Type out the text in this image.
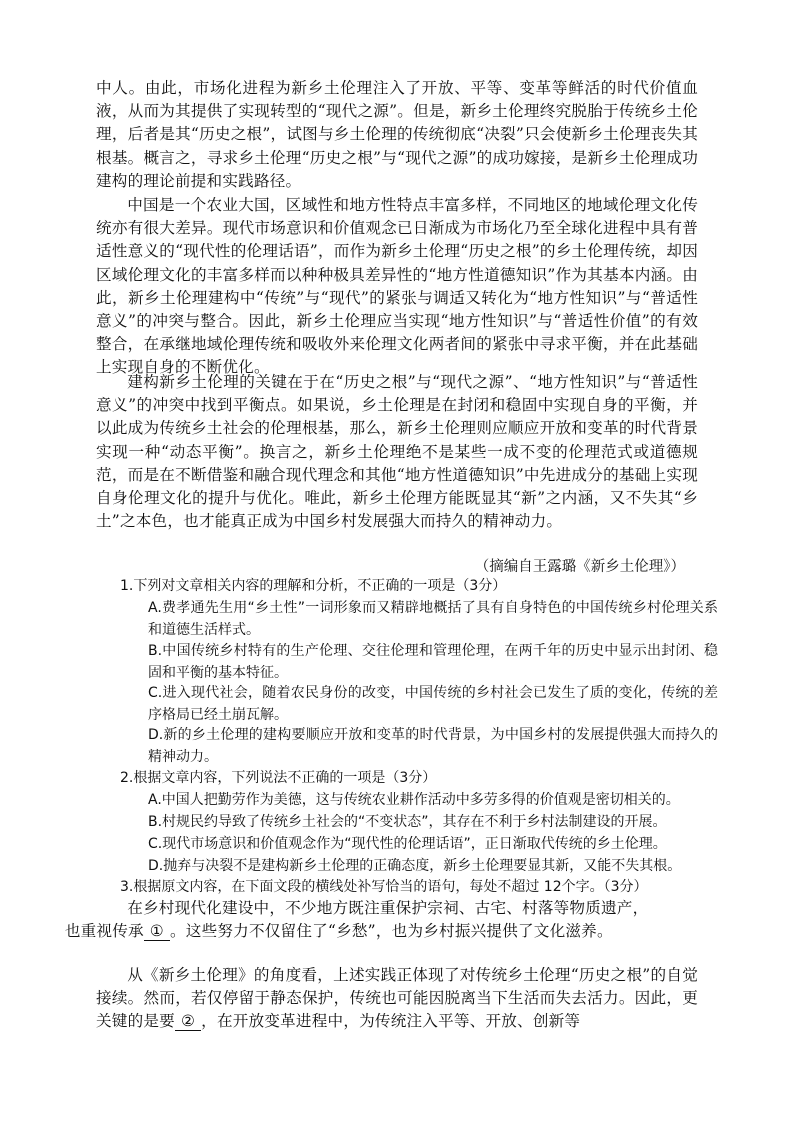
中人。由此，市场化进程为新乡土伦理注入了开放、平等、变革等鲜活的时代价值血液，从而为其提供了实现转型的“现代之源”。但是，新乡土伦理终究脱胎于传统乡土伦理，后者是其“历史之根”，试图与乡土伦理的传统彻底“决裂”只会使新乡土伦理丧失其根基。概言之，寻求乡土伦理“历史之根”与“现代之源”的成功嫁接，是新乡土伦理成功建构的理论前提和实践路径。

中国是一个农业大国，区域性和地方性特点丰富多样，不同地区的地域伦理文化传统亦有很大差异。现代市场意识和价值观念已日渐成为市场化乃至全球化进程中具有普适性意义的“现代性的伦理话语”，而作为新乡土伦理“历史之根”的乡土伦理传统，却因区域伦理文化的丰富多样而以种种极具差异性的“地方性道德知识”作为其基本内涵。由此，新乡土伦理建构中“传统”与“现代”的紧张与调适又转化为“地方性知识”与“普适性意义”的冲突与整合。因此，新乡土伦理应当实现“地方性知识”与“普适性价值”的有效整合，在承继地域伦理传统和吸收外来伦理文化两者间的紧张中寻求平衡，并在此基础上实现自身的不断优化。

建构新乡土伦理的关键在于在“历史之根”与“现代之源”、“地方性知识”与“普适性意义”的冲突中找到平衡点。如果说，乡土伦理是在封闭和稳固中实现自身的平衡，并以此成为传统乡土社会的伦理根基，那么，新乡土伦理则应顺应开放和变革的时代背景实现一种“动态平衡”。换言之，新乡土伦理绝不是某些一成不变的伦理范式或道德规范，而是在不断借鉴和融合现代理念和其他“地方性道德知识”中先进成分的基础上实现自身伦理文化的提升与优化。唯此，新乡土伦理方能既显其“新”之内涵，又不失其“乡土”之本色，也才能真正成为中国乡村发展强大而持久的精神动力。

（摘编自王露璐《新乡土伦理》）

1.下列对文章相关内容的理解和分析，不正确的一项是（3分）

A.费孝通先生用“乡土性”一词形象而又精辟地概括了具有自身特色的中国传统乡村伦理关系和道德生活样式。

B.中国传统乡村特有的生产伦理、交往伦理和管理伦理，在两千年的历史中显示出封闭、稳固和平衡的基本特征。

C.进入现代社会，随着农民身份的改变，中国传统的乡村社会已发生了质的变化，传统的差序格局已经土崩瓦解。

D.新的乡土伦理的建构要顺应开放和变革的时代背景，为中国乡村的发展提供强大而持久的精神动力。

2.根据文章内容，下列说法不正确的一项是（3分）

A.中国人把勤劳作为美德，这与传统农业耕作活动中多劳多得的价值观是密切相关的。

B.村规民约导致了传统乡土社会的“不变状态”，其存在不利于乡村法制建设的开展。

C.现代市场意识和价值观念作为“现代性的伦理话语”，正日渐取代传统的乡土伦理。

D.抛弃与决裂不是建构新乡土伦理的正确态度，新乡土伦理要显其新，又能不失其根。

3.根据原文内容，在下面文段的横线处补写恰当的语句，每处不超过 12个字。（3分）

在乡村现代化建设中，不少地方既注重保护宗祠、古宅、村落等物质遗产，
也重视传承 ① 。这些努力不仅留住了“乡愁”，也为乡村振兴提供了文化滋养。

从《新乡土伦理》的角度看，上述实践正体现了对传统乡土伦理“历史之根”的自觉接续。然而，若仅停留于静态保护，传统也可能因脱离当下生活而失去活力。因此，更关键的是要 ② ，在开放变革进程中，为传统注入平等、开放、创新等
